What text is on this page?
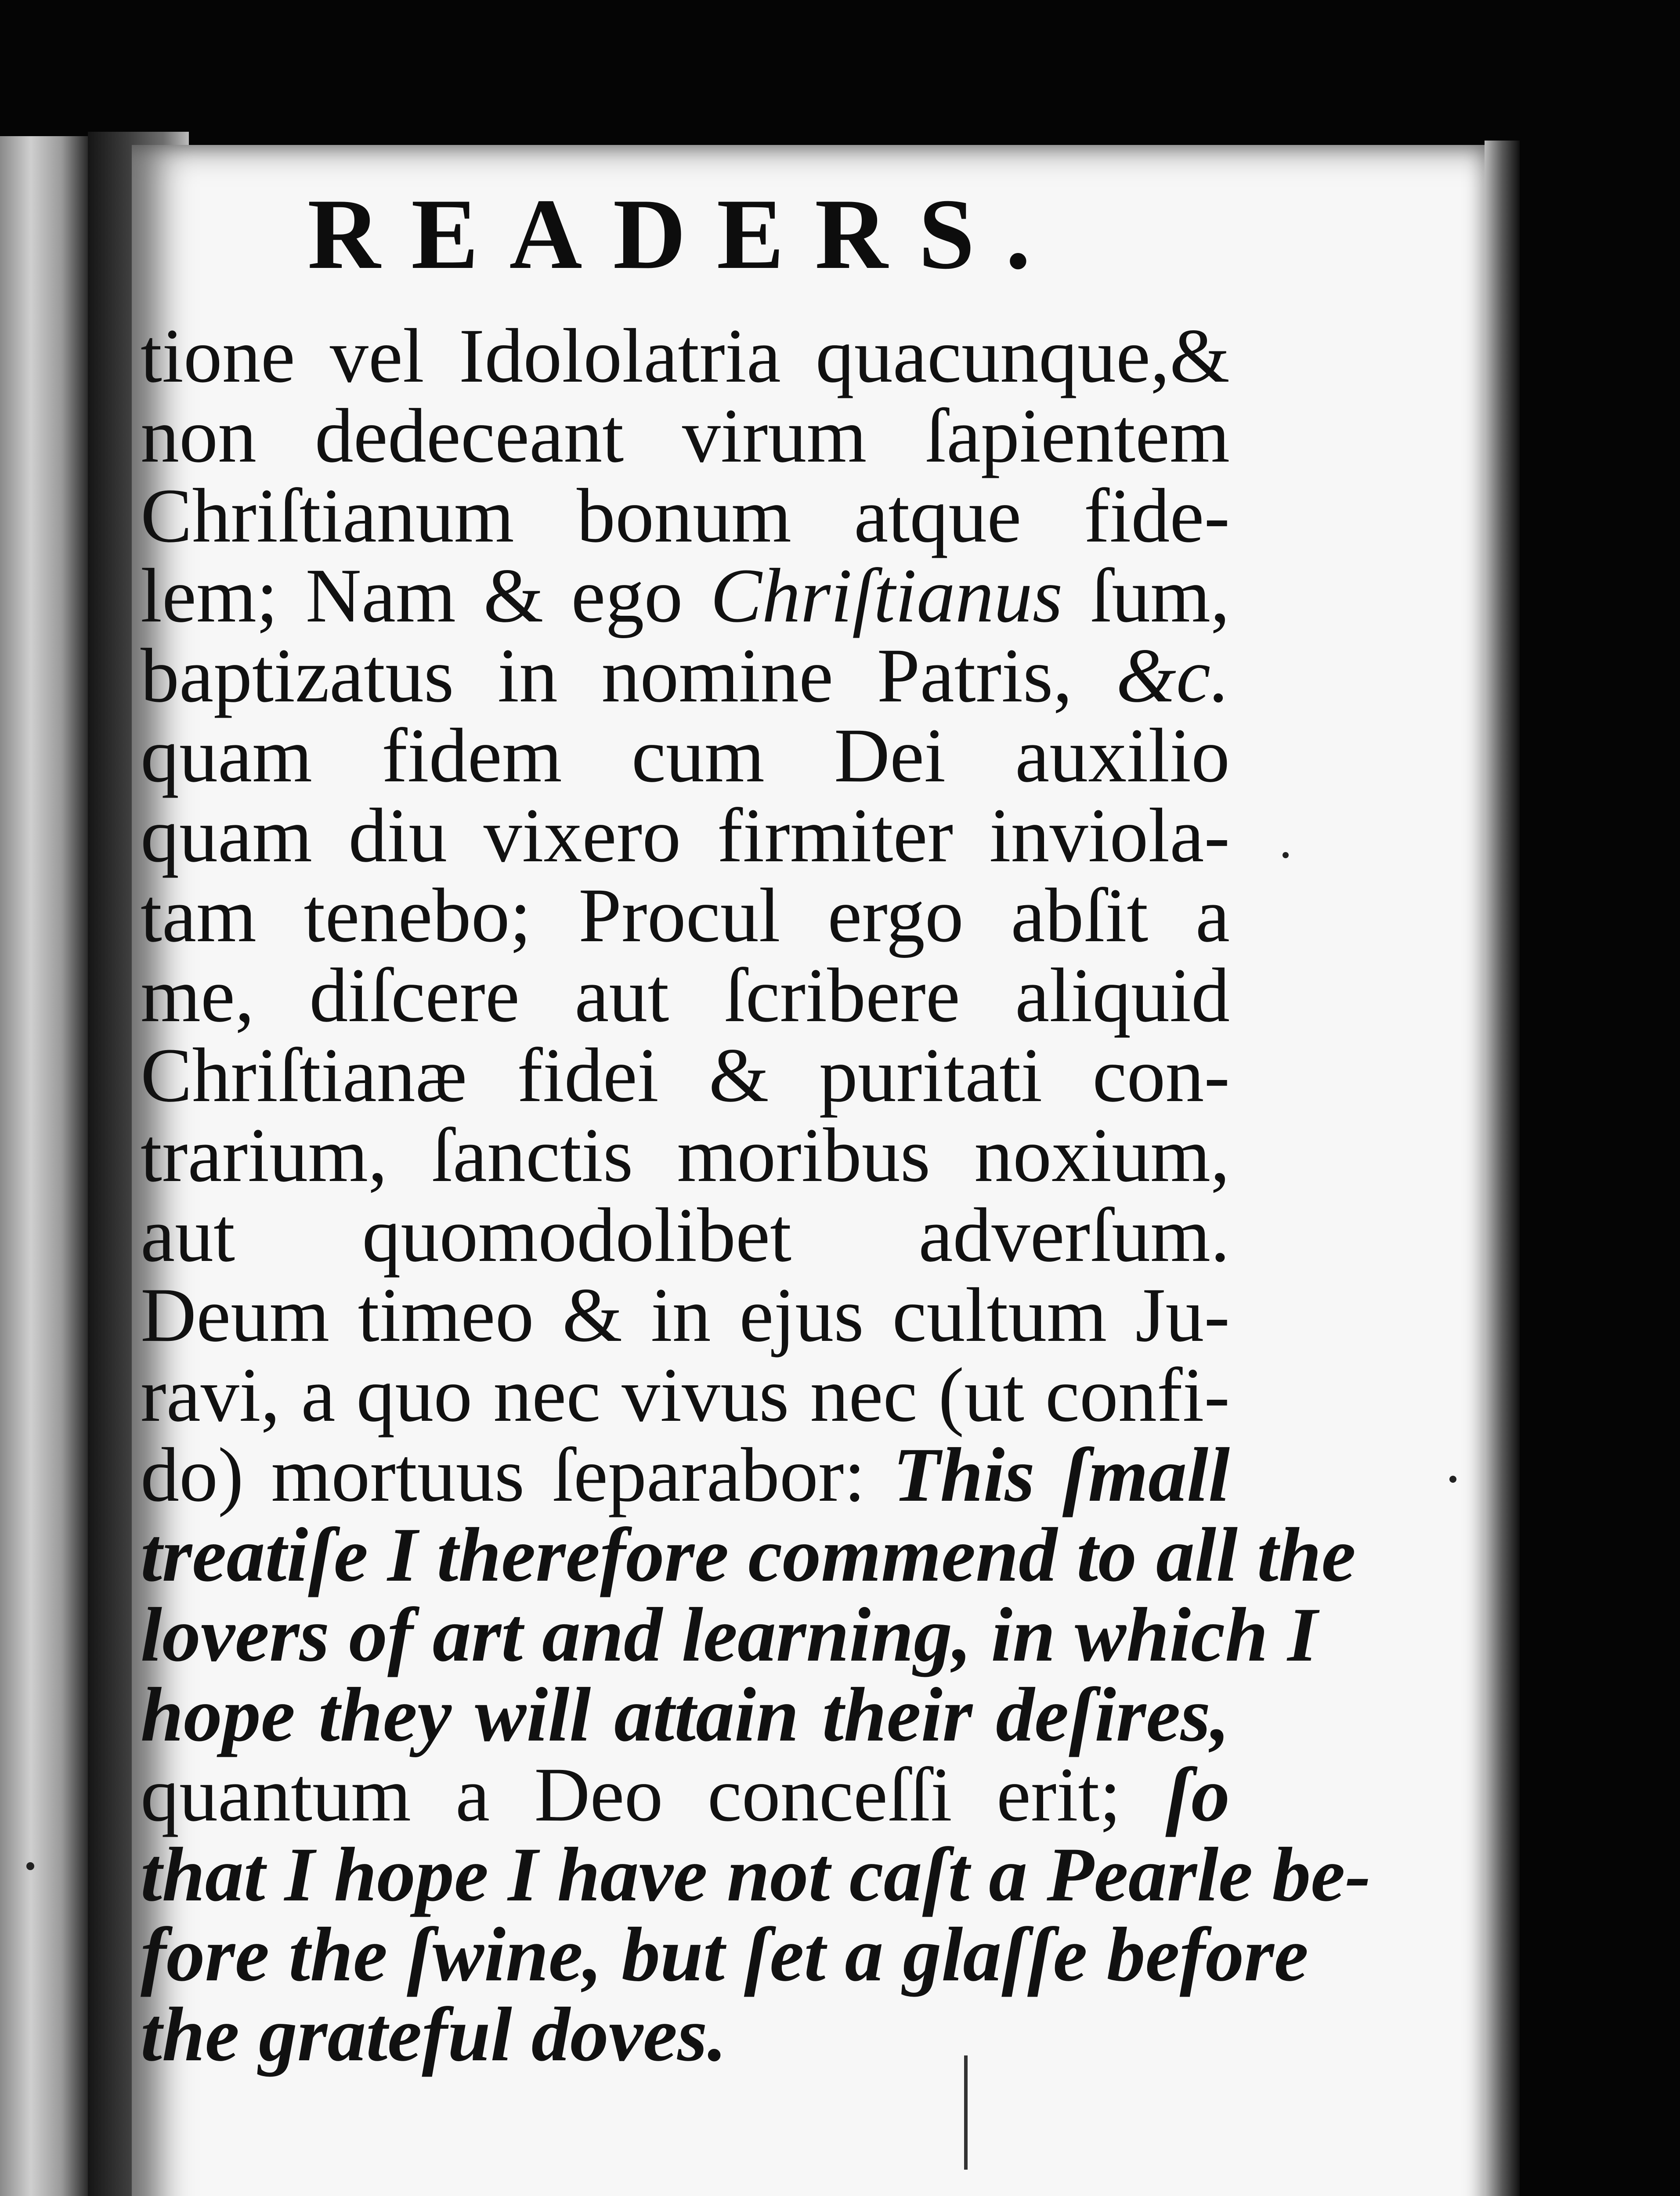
READERS.
tione vel Idololatria quacunque,&
non dedeceant virum ſapientem
Chriſtianum bonum atque fide-
lem; Nam & ego Chriſtianus ſum,
baptizatus in nomine Patris, &c.
quam fidem cum Dei auxilio
quam diu vixero firmiter inviola-
tam tenebo; Procul ergo abſit a
me, diſcere aut ſcribere aliquid
Chriſtianæ fidei & puritati con-
trarium, ſanctis moribus noxium,
aut quomodolibet adverſum.
Deum timeo & in ejus cultum Ju-
ravi, a quo nec vivus nec (ut confi-
do) mortuus ſeparabor: This ſmall
treatiſe I therefore commend to all the
lovers of art and learning, in which I
hope they will attain their deſires,
quantum a Deo conceſſi erit; ſo
that I hope I have not caſt a Pearle be-
fore the ſwine, but ſet a glaſſe before
the grateful doves.
